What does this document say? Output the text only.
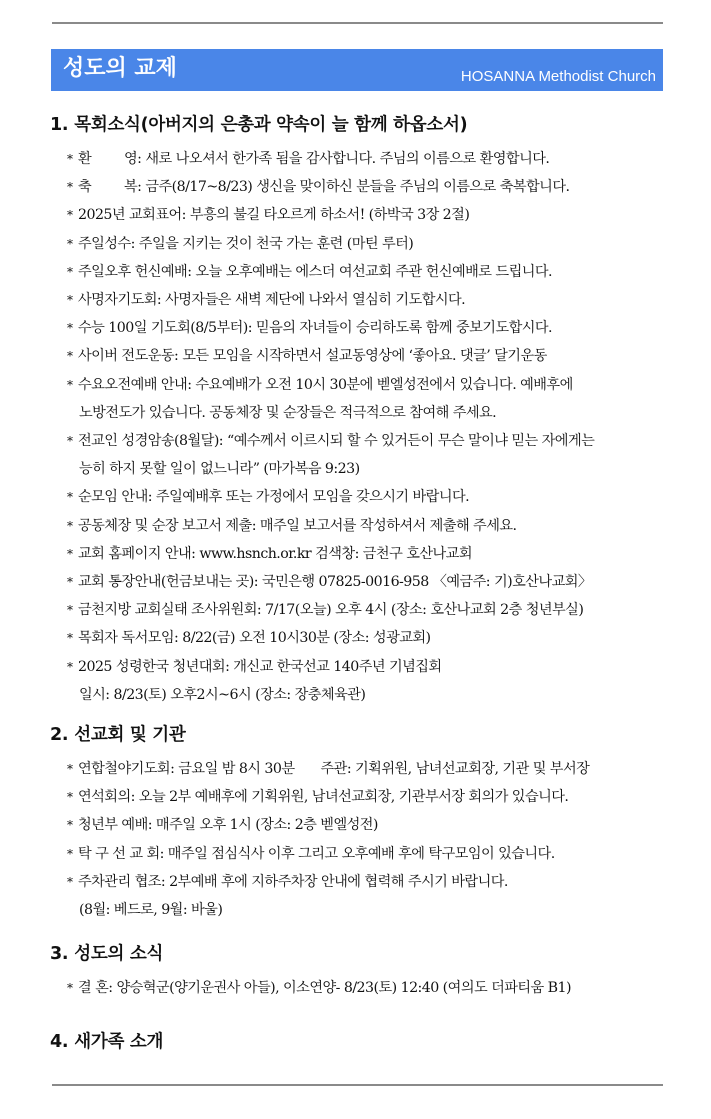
성도의 교제	HOSANNA Methodist Church
1. 목회소식(아버지의 은총과 약속이 늘 함께 하옵소서)
* 환 영: 새로 나오셔서 한가족 됨을 감사합니다. 주님의 이름으로 환영합니다.
* 축 복: 금주(8/17~8/23) 생신을 맞이하신 분들을 주님의 이름으로 축복합니다.
* 2025년 교회표어: 부흥의 불길 타오르게 하소서! (하박국 3장 2절)
* 주일성수: 주일을 지키는 것이 천국 가는 훈련 (마틴 루터)
* 주일오후 헌신예배: 오늘 오후예배는 에스더 여선교회 주관 헌신예배로 드립니다.
* 사명자기도회: 사명자들은 새벽 제단에 나와서 열심히 기도합시다.
* 수능 100일 기도회(8/5부터): 믿음의 자녀들이 승리하도록 함께 중보기도합시다.
* 사이버 전도운동: 모든 모임을 시작하면서 설교동영상에 ‘좋아요. 댓글’ 달기운동
* 수요오전예배 안내: 수요예배가 오전 10시 30분에 벧엘성전에서 있습니다. 예배후에
노방전도가 있습니다. 공동체장 및 순장들은 적극적으로 참여해 주세요.
* 전교인 성경암송(8월달): “예수께서 이르시되 할 수 있거든이 무슨 말이냐 믿는 자에게는
능히 하지 못할 일이 없느니라” (마가복음 9:23)
* 순모임 안내: 주일예배후 또는 가정에서 모임을 갖으시기 바랍니다.
* 공동체장 및 순장 보고서 제출: 매주일 보고서를 작성하셔서 제출해 주세요.
* 교회 홈페이지 안내: www.hsnch.or.kr 검색창: 금천구 호산나교회
* 교회 통장안내(헌금보내는 곳): 국민은행 07825-0016-958 〈예금주: 기)호산나교회〉
* 금천지방 교회실태 조사위원회: 7/17(오늘) 오후 4시 (장소: 호산나교회 2층 청년부실)
* 목회자 독서모임: 8/22(금) 오전 10시30분 (장소: 성광교회)
* 2025 성령한국 청년대회: 개신교 한국선교 140주년 기념집회
일시: 8/23(토) 오후2시~6시 (장소: 장충체육관)
2. 선교회 및 기관
* 연합철야기도회: 금요일 밤 8시 30분 주관: 기획위원, 남녀선교회장, 기관 및 부서장
* 연석회의: 오늘 2부 예배후에 기획위원, 남녀선교회장, 기관부서장 회의가 있습니다.
* 청년부 예배: 매주일 오후 1시 (장소: 2층 벧엘성전)
* 탁 구 선 교 회: 매주일 점심식사 이후 그리고 오후예배 후에 탁구모임이 있습니다.
* 주차관리 협조: 2부예배 후에 지하주차장 안내에 협력해 주시기 바랍니다.
(8월: 베드로, 9월: 바울)
3. 성도의 소식
* 결 혼: 양승혁군(양기운권사 아들), 이소연양- 8/23(토) 12:40 (여의도 더파티움 B1)
4. 새가족 소개
